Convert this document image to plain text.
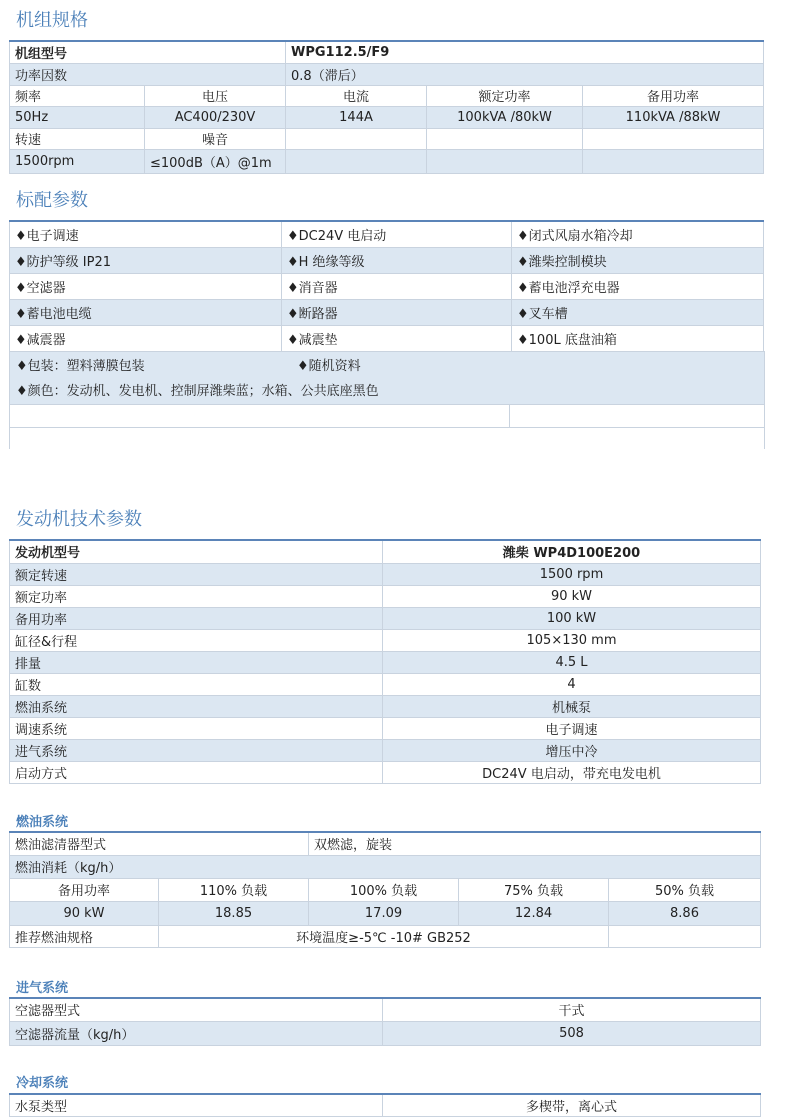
机组规格
机组型号		WPG112.5/F9		
功率因数		0.8（滞后）		
频率	电压	电流	额定功率	备用功率
50Hz	AC400/230V	144A	100kVA /80kW	110kVA /88kW
转速	噪音			
1500rpm	≤100dB（A）@1m			
标配参数
♦电子调速	♦DC24V 电启动	♦闭式风扇水箱冷却
♦防护等级 IP21	♦H 绝缘等级	♦潍柴控制模块
♦空滤器	♦消音器	♦蓄电池浮充电器
♦蓄电池电缆	♦断路器	♦叉车槽
♦减震器	♦减震垫	♦100L 底盘油箱
♦包装：塑料薄膜包装	♦随机资料
♦颜色：发动机、发电机、控制屏潍柴蓝；水箱、公共底座黑色
发动机技术参数
发动机型号	潍柴 WP4D100E200
额定转速	1500 rpm
额定功率	90 kW
备用功率	100 kW
缸径&行程	105×130 mm
排量	4.5 L
缸数	4
燃油系统	机械泵
调速系统	电子调速
进气系统	增压中冷
启动方式	DC24V 电启动，带充电发电机
燃油系统
燃油滤清器型式		双燃滤，旋装		
燃油消耗（kg/h）				
备用功率	110% 负载	100% 负载	75% 负载	50% 负载
90 kW	18.85	17.09	12.84	8.86
推荐燃油规格	环境温度≥-5℃ -10# GB252			
进气系统
空滤器型式	干式
空滤器流量（kg/h）	508
冷却系统
水泵类型	多楔带，离心式
